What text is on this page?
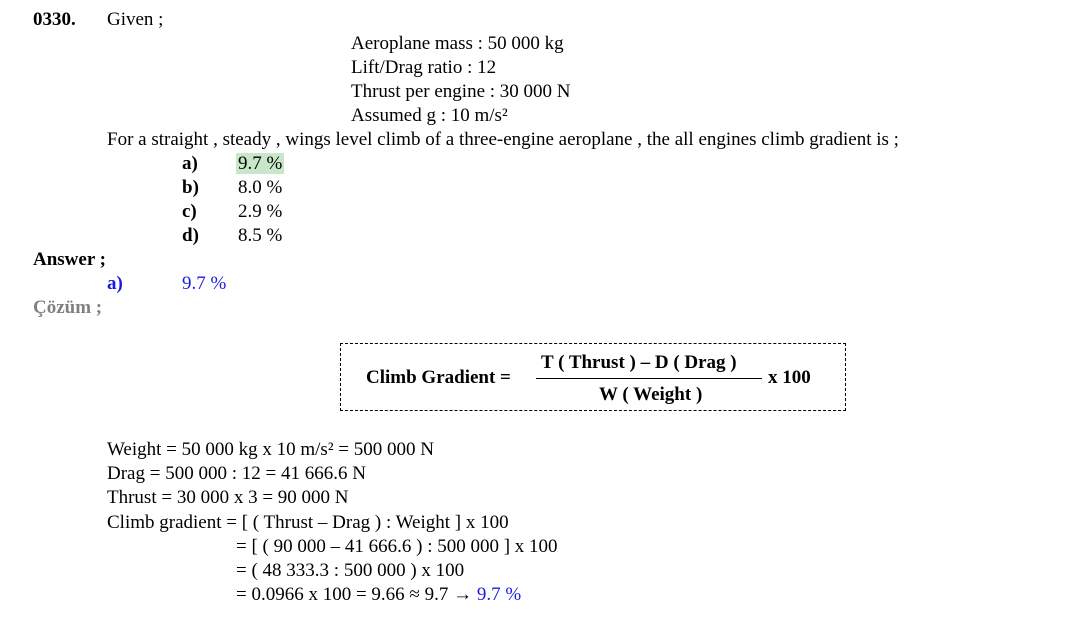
0330. Given ;
Aeroplane mass : 50 000 kg
Lift/Drag ratio : 12
Thrust per engine : 30 000 N
Assumed g : 10 m/s²
For a straight , steady , wings level climb of a three-engine aeroplane , the all engines climb gradient is ;
a) 9.7 %
b) 8.0 %
c) 2.9 %
d) 8.5 %
Answer ;
a)	9.7 %
Çözüm ;
Climb Gradient =
T ( Thrust ) – D ( Drag )
W ( Weight )
x 100
Weight = 50 000 kg x 10 m/s² = 500 000 N
Drag = 500 000 : 12 = 41 666.6 N
Thrust = 30 000 x 3 = 90 000 N
Climb gradient = [ ( Thrust – Drag ) : Weight ] x 100
= [ ( 90 000 – 41 666.6 ) : 500 000 ] x 100
= ( 48 333.3 : 500 000 ) x 100
= 0.0966 x 100 = 9.66 ≈ 9.7 → 9.7 %
